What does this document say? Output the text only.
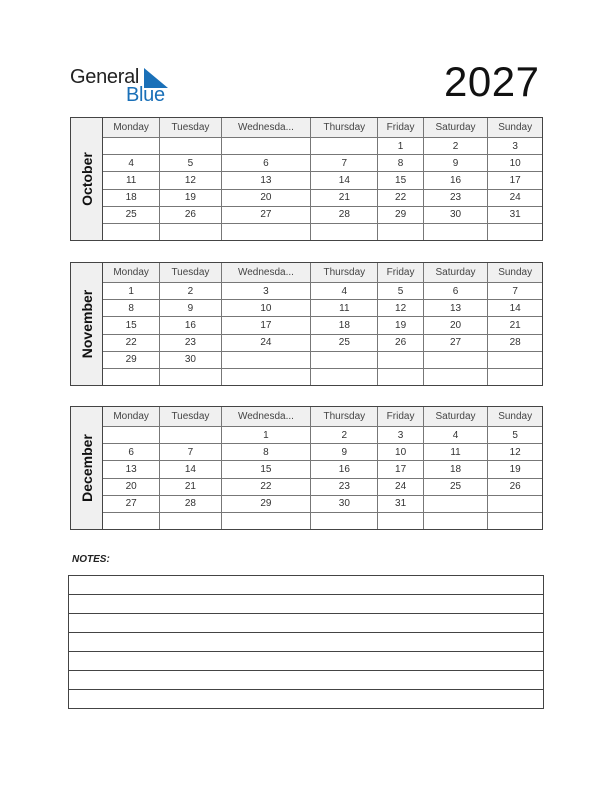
General
Blue	2027
October
Monday	Tuesday	Wednesda...	Thursday	Friday	Saturday	Sunday
				1	2	3
4	5	6	7	8	9	10
11	12	13	14	15	16	17
18	19	20	21	22	23	24
25	26	27	28	29	30	31

November
Monday	Tuesday	Wednesda...	Thursday	Friday	Saturday	Sunday
1	2	3	4	5	6	7
8	9	10	11	12	13	14
15	16	17	18	19	20	21
22	23	24	25	26	27	28
29	30					

December
Monday	Tuesday	Wednesda...	Thursday	Friday	Saturday	Sunday
		1	2	3	4	5
6	7	8	9	10	11	12
13	14	15	16	17	18	19
20	21	22	23	24	25	26
27	28	29	30	31		

NOTES:
